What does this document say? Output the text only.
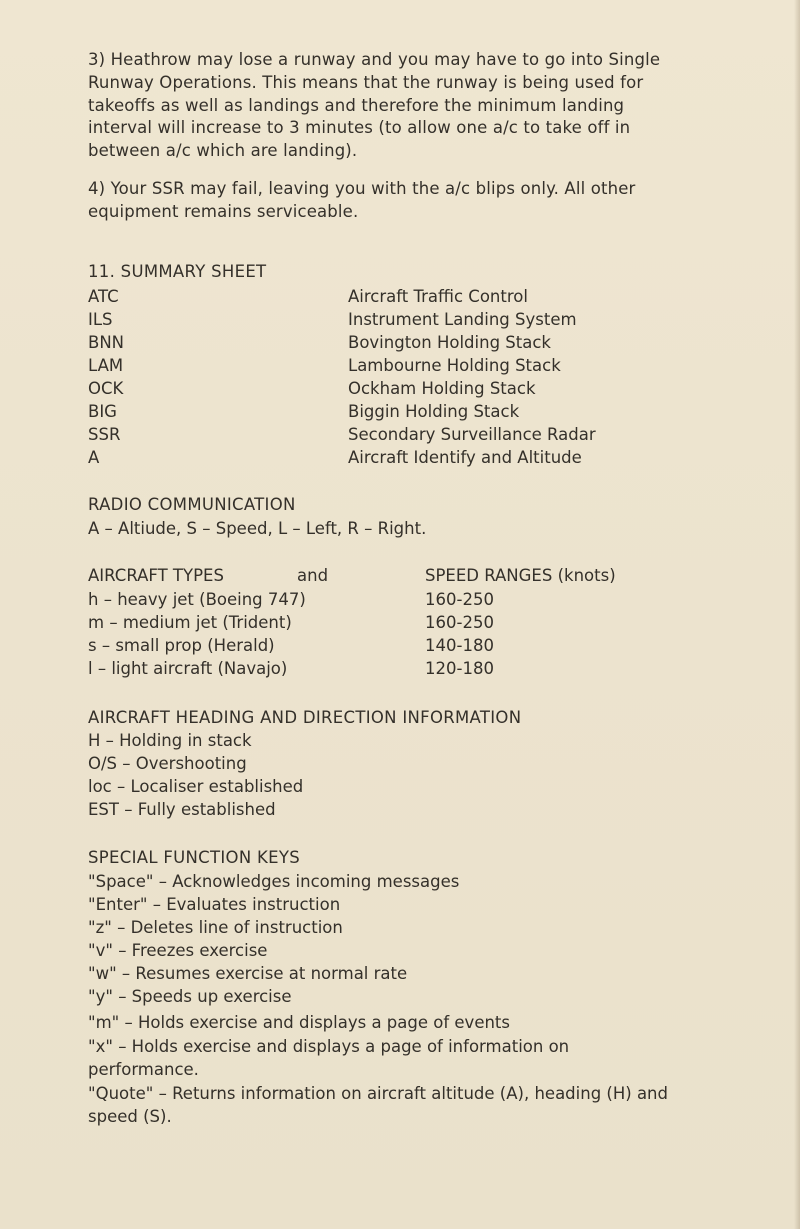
3) Heathrow may lose a runway and you may have to go into Single

Runway Operations. This means that the runway is being used for

takeoffs as well as landings and therefore the minimum landing

interval will increase to 3 minutes (to allow one a/c to take off in

between a/c which are landing).

4) Your SSR may fail, leaving you with the a/c blips only. All other

equipment remains serviceable.

11. SUMMARY SHEET
ATC	Aircraft Traffic Control
ILS	Instrument Landing System
BNN	Bovington Holding Stack
LAM	Lambourne Holding Stack
OCK	Ockham Holding Stack
BIG	Biggin Holding Stack
SSR	Secondary Surveillance Radar
A	Aircraft Identify and Altitude
RADIO COMMUNICATION
A – Altiude, S – Speed, L – Left, R – Right.
AIRCRAFT TYPES	and	SPEED RANGES (knots)
h – heavy jet (Boeing 747)	160-250
m – medium jet (Trident)	160-250
s – small prop (Herald)	140-180
l – light aircraft (Navajo)	120-180
AIRCRAFT HEADING AND DIRECTION INFORMATION
H – Holding in stack
O/S – Overshooting
loc – Localiser established
EST – Fully established
SPECIAL FUNCTION KEYS
"Space" – Acknowledges incoming messages
"Enter" – Evaluates instruction
"z" – Deletes line of instruction
"v" – Freezes exercise
"w" – Resumes exercise at normal rate
"y" – Speeds up exercise
"m" – Holds exercise and displays a page of events
"x" – Holds exercise and displays a page of information on
performance.
"Quote" – Returns information on aircraft altitude (A), heading (H) and
speed (S).
